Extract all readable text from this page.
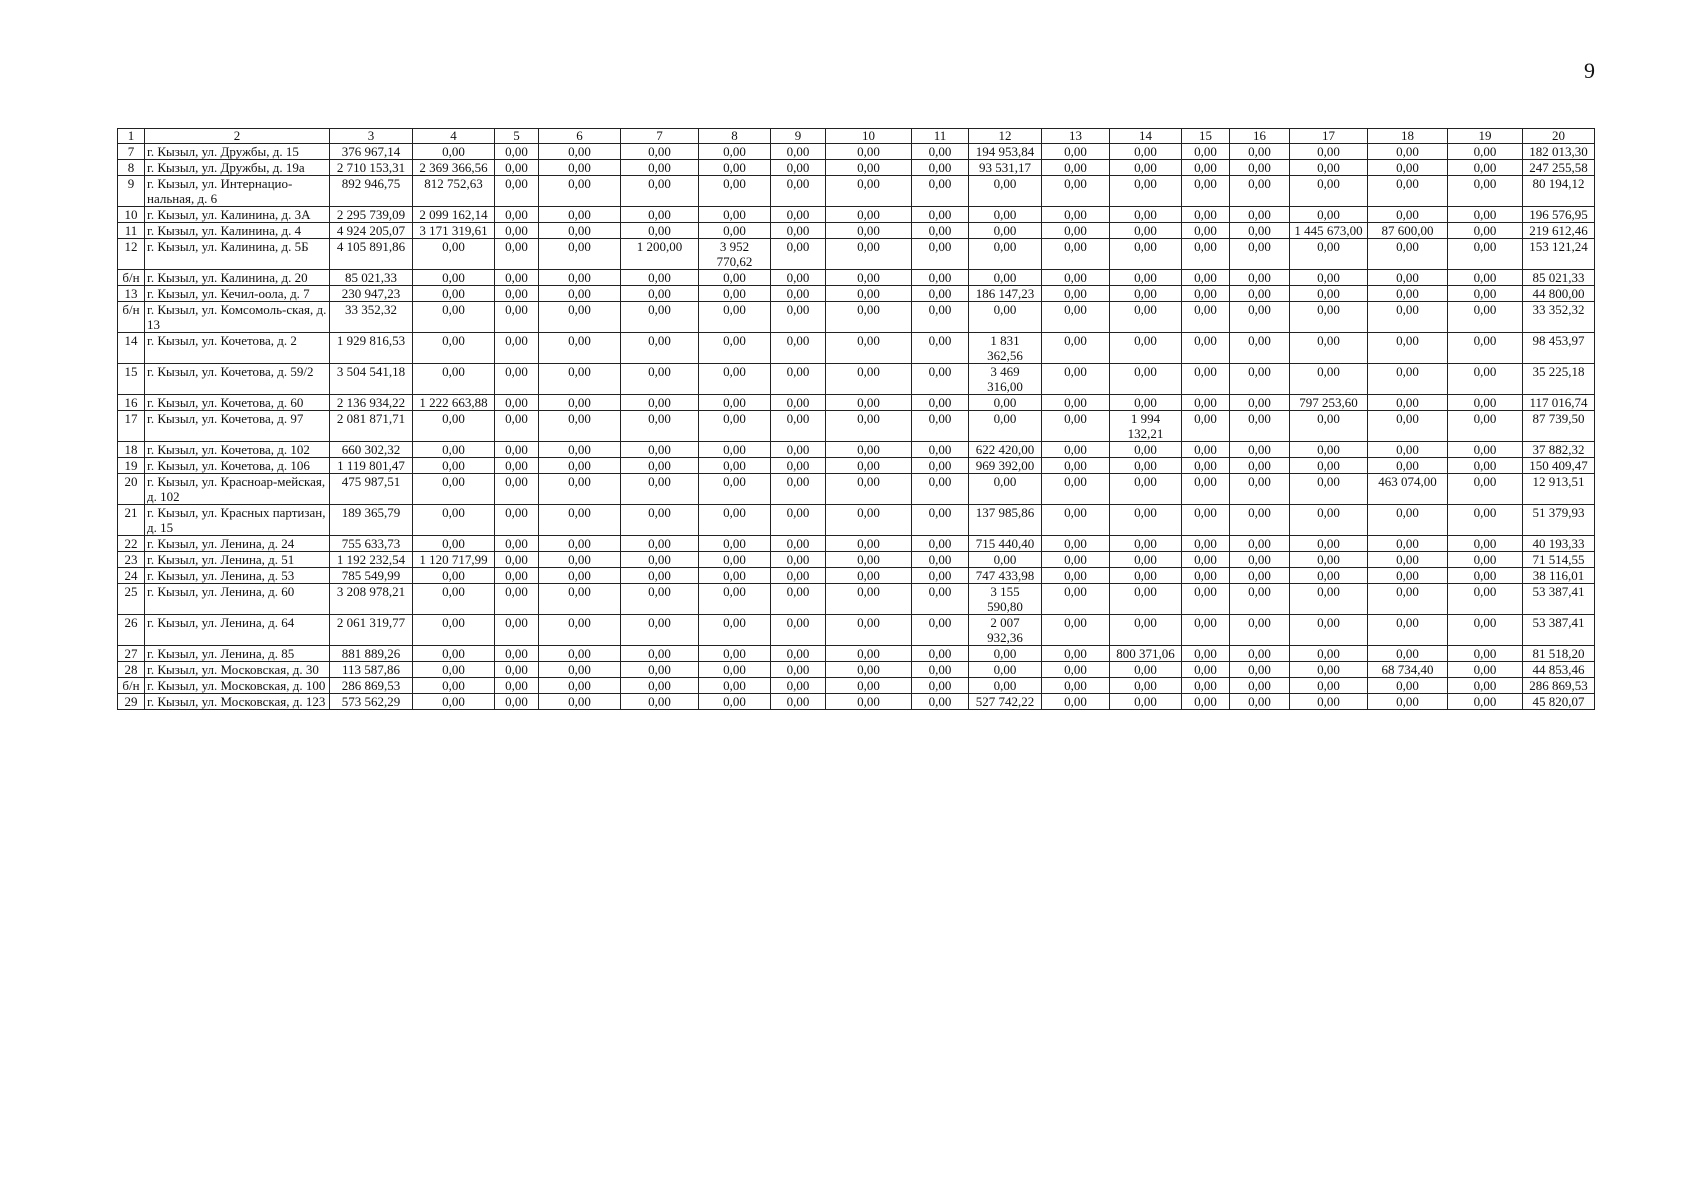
9
1	2	3	4	5	6	7	8	9	10	11	12	13	14	15	16	17	18	19	20
7	г. Кызыл, ул. Дружбы, д. 15	376 967,14	0,00	0,00	0,00	0,00	0,00	0,00	0,00	0,00	194 953,84	0,00	0,00	0,00	0,00	0,00	0,00	0,00	182 013,30
8	г. Кызыл, ул. Дружбы, д. 19а	2 710 153,31	2 369 366,56	0,00	0,00	0,00	0,00	0,00	0,00	0,00	93 531,17	0,00	0,00	0,00	0,00	0,00	0,00	0,00	247 255,58
9	г. Кызыл, ул. Интернацио-нальная, д. 6	892 946,75	812 752,63	0,00	0,00	0,00	0,00	0,00	0,00	0,00	0,00	0,00	0,00	0,00	0,00	0,00	0,00	0,00	80 194,12
10	г. Кызыл, ул. Калинина, д. 3А	2 295 739,09	2 099 162,14	0,00	0,00	0,00	0,00	0,00	0,00	0,00	0,00	0,00	0,00	0,00	0,00	0,00	0,00	0,00	196 576,95
11	г. Кызыл, ул. Калинина, д. 4	4 924 205,07	3 171 319,61	0,00	0,00	0,00	0,00	0,00	0,00	0,00	0,00	0,00	0,00	0,00	0,00	1 445 673,00	87 600,00	0,00	219 612,46
12	г. Кызыл, ул. Калинина, д. 5Б	4 105 891,86	0,00	0,00	0,00	1 200,00	3 952 770,62	0,00	0,00	0,00	0,00	0,00	0,00	0,00	0,00	0,00	0,00	0,00	153 121,24
б/н	г. Кызыл, ул. Калинина, д. 20	85 021,33	0,00	0,00	0,00	0,00	0,00	0,00	0,00	0,00	0,00	0,00	0,00	0,00	0,00	0,00	0,00	0,00	85 021,33
13	г. Кызыл, ул. Кечил-оола, д. 7	230 947,23	0,00	0,00	0,00	0,00	0,00	0,00	0,00	0,00	186 147,23	0,00	0,00	0,00	0,00	0,00	0,00	0,00	44 800,00
б/н	г. Кызыл, ул. Комсомоль-ская, д. 13	33 352,32	0,00	0,00	0,00	0,00	0,00	0,00	0,00	0,00	0,00	0,00	0,00	0,00	0,00	0,00	0,00	0,00	33 352,32
14	г. Кызыл, ул. Кочетова, д. 2	1 929 816,53	0,00	0,00	0,00	0,00	0,00	0,00	0,00	0,00	1 831 362,56	0,00	0,00	0,00	0,00	0,00	0,00	0,00	98 453,97
15	г. Кызыл, ул. Кочетова, д. 59/2	3 504 541,18	0,00	0,00	0,00	0,00	0,00	0,00	0,00	0,00	3 469 316,00	0,00	0,00	0,00	0,00	0,00	0,00	0,00	35 225,18
16	г. Кызыл, ул. Кочетова, д. 60	2 136 934,22	1 222 663,88	0,00	0,00	0,00	0,00	0,00	0,00	0,00	0,00	0,00	0,00	0,00	0,00	797 253,60	0,00	0,00	117 016,74
17	г. Кызыл, ул. Кочетова, д. 97	2 081 871,71	0,00	0,00	0,00	0,00	0,00	0,00	0,00	0,00	0,00	0,00	1 994 132,21	0,00	0,00	0,00	0,00	0,00	87 739,50
18	г. Кызыл, ул. Кочетова, д. 102	660 302,32	0,00	0,00	0,00	0,00	0,00	0,00	0,00	0,00	622 420,00	0,00	0,00	0,00	0,00	0,00	0,00	0,00	37 882,32
19	г. Кызыл, ул. Кочетова, д. 106	1 119 801,47	0,00	0,00	0,00	0,00	0,00	0,00	0,00	0,00	969 392,00	0,00	0,00	0,00	0,00	0,00	0,00	0,00	150 409,47
20	г. Кызыл, ул. Красноар-мейская, д. 102	475 987,51	0,00	0,00	0,00	0,00	0,00	0,00	0,00	0,00	0,00	0,00	0,00	0,00	0,00	0,00	463 074,00	0,00	12 913,51
21	г. Кызыл, ул. Красных партизан, д. 15	189 365,79	0,00	0,00	0,00	0,00	0,00	0,00	0,00	0,00	137 985,86	0,00	0,00	0,00	0,00	0,00	0,00	0,00	51 379,93
22	г. Кызыл, ул. Ленина, д. 24	755 633,73	0,00	0,00	0,00	0,00	0,00	0,00	0,00	0,00	715 440,40	0,00	0,00	0,00	0,00	0,00	0,00	0,00	40 193,33
23	г. Кызыл, ул. Ленина, д. 51	1 192 232,54	1 120 717,99	0,00	0,00	0,00	0,00	0,00	0,00	0,00	0,00	0,00	0,00	0,00	0,00	0,00	0,00	0,00	71 514,55
24	г. Кызыл, ул. Ленина, д. 53	785 549,99	0,00	0,00	0,00	0,00	0,00	0,00	0,00	0,00	747 433,98	0,00	0,00	0,00	0,00	0,00	0,00	0,00	38 116,01
25	г. Кызыл, ул. Ленина, д. 60	3 208 978,21	0,00	0,00	0,00	0,00	0,00	0,00	0,00	0,00	3 155 590,80	0,00	0,00	0,00	0,00	0,00	0,00	0,00	53 387,41
26	г. Кызыл, ул. Ленина, д. 64	2 061 319,77	0,00	0,00	0,00	0,00	0,00	0,00	0,00	0,00	2 007 932,36	0,00	0,00	0,00	0,00	0,00	0,00	0,00	53 387,41
27	г. Кызыл, ул. Ленина, д. 85	881 889,26	0,00	0,00	0,00	0,00	0,00	0,00	0,00	0,00	0,00	0,00	800 371,06	0,00	0,00	0,00	0,00	0,00	81 518,20
28	г. Кызыл, ул. Московская, д. 30	113 587,86	0,00	0,00	0,00	0,00	0,00	0,00	0,00	0,00	0,00	0,00	0,00	0,00	0,00	0,00	68 734,40	0,00	44 853,46
б/н	г. Кызыл, ул. Московская, д. 100	286 869,53	0,00	0,00	0,00	0,00	0,00	0,00	0,00	0,00	0,00	0,00	0,00	0,00	0,00	0,00	0,00	0,00	286 869,53
29	г. Кызыл, ул. Московская, д. 123	573 562,29	0,00	0,00	0,00	0,00	0,00	0,00	0,00	0,00	527 742,22	0,00	0,00	0,00	0,00	0,00	0,00	0,00	45 820,07
